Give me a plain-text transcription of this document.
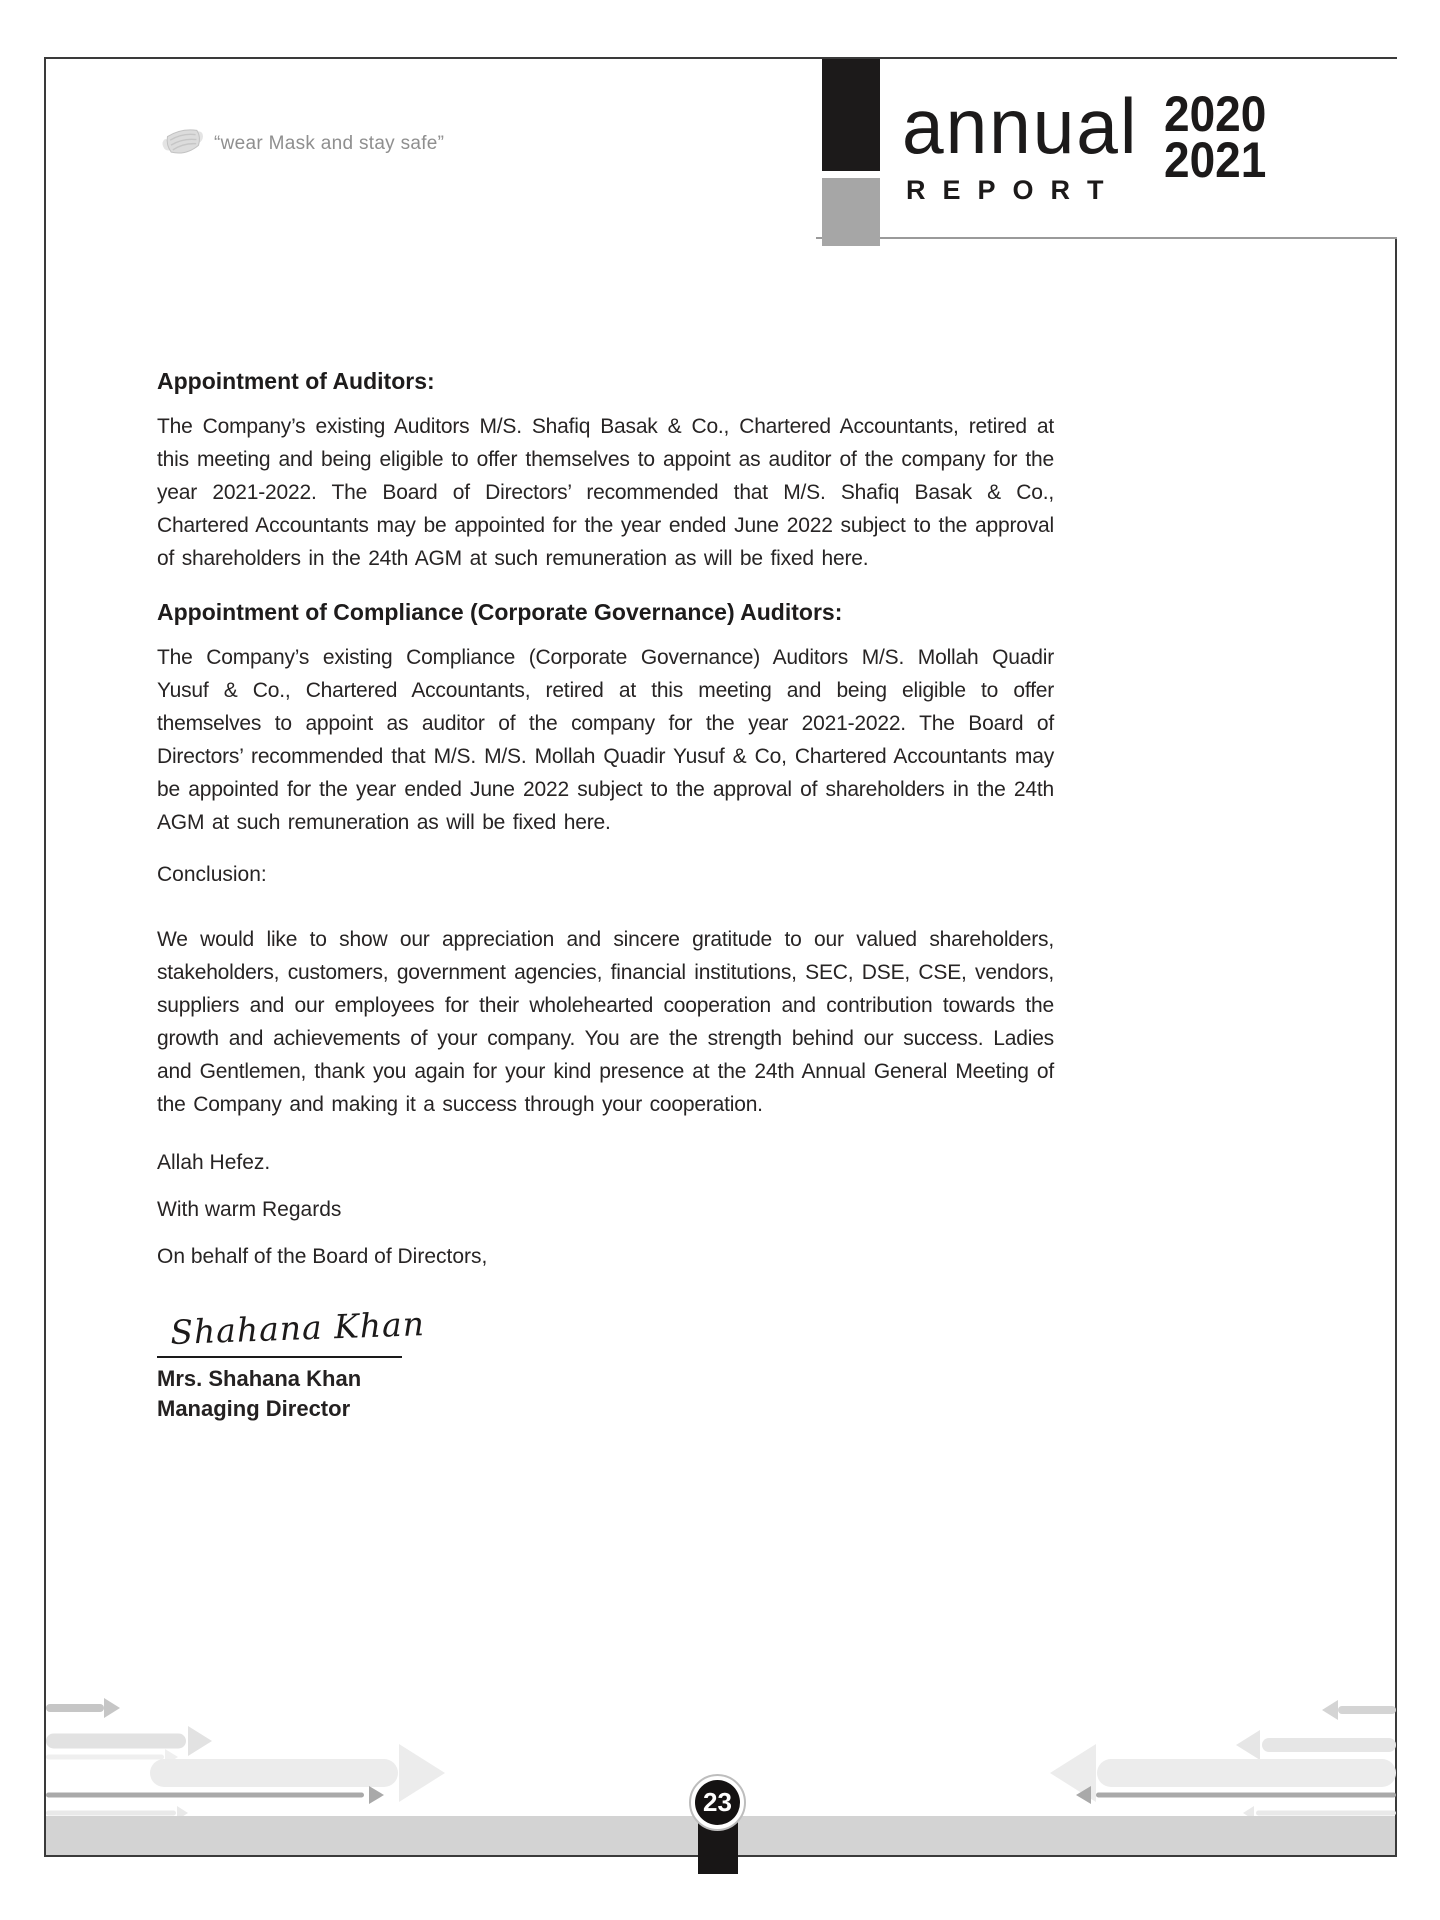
“wear Mask and stay safe”	annual
REPORT
2020
2021
Appointment of Auditors:

The Company’s existing Auditors M/S. Shafiq Basak & Co., Chartered Accountants, retired at this meeting and being eligible to offer themselves to appoint as auditor of the company for the year 2021-2022. The Board of Directors’ recommended that M/S. Shafiq Basak & Co., Chartered Accountants may be appointed for the year ended June 2022 subject to the approval of shareholders in the 24th AGM at such remuneration as will be fixed here.

Appointment of Compliance (Corporate Governance) Auditors:

The Company’s existing Compliance (Corporate Governance) Auditors M/S. Mollah Quadir Yusuf & Co., Chartered Accountants, retired at this meeting and being eligible to offer themselves to appoint as auditor of the company for the year 2021-2022. The Board of Directors’ recommended that M/S. M/S. Mollah Quadir Yusuf & Co, Chartered Accountants may be appointed for the year ended June 2022 subject to the approval of shareholders in the 24th AGM at such remuneration as will be fixed here.

Conclusion:

We would like to show our appreciation and sincere gratitude to our valued shareholders, stakeholders, customers, government agencies, financial institutions, SEC, DSE, CSE, vendors, suppliers and our employees for their wholehearted cooperation and contribution towards the growth and achievements of your company. You are the strength behind our success. Ladies and Gentlemen, thank you again for your kind presence at the 24th Annual General Meeting of the Company and making it a success through your cooperation.

Allah Hefez.
With warm Regards
On behalf of the Board of Directors,
Shahana Khan
Mrs. Shahana Khan
Managing Director
23
